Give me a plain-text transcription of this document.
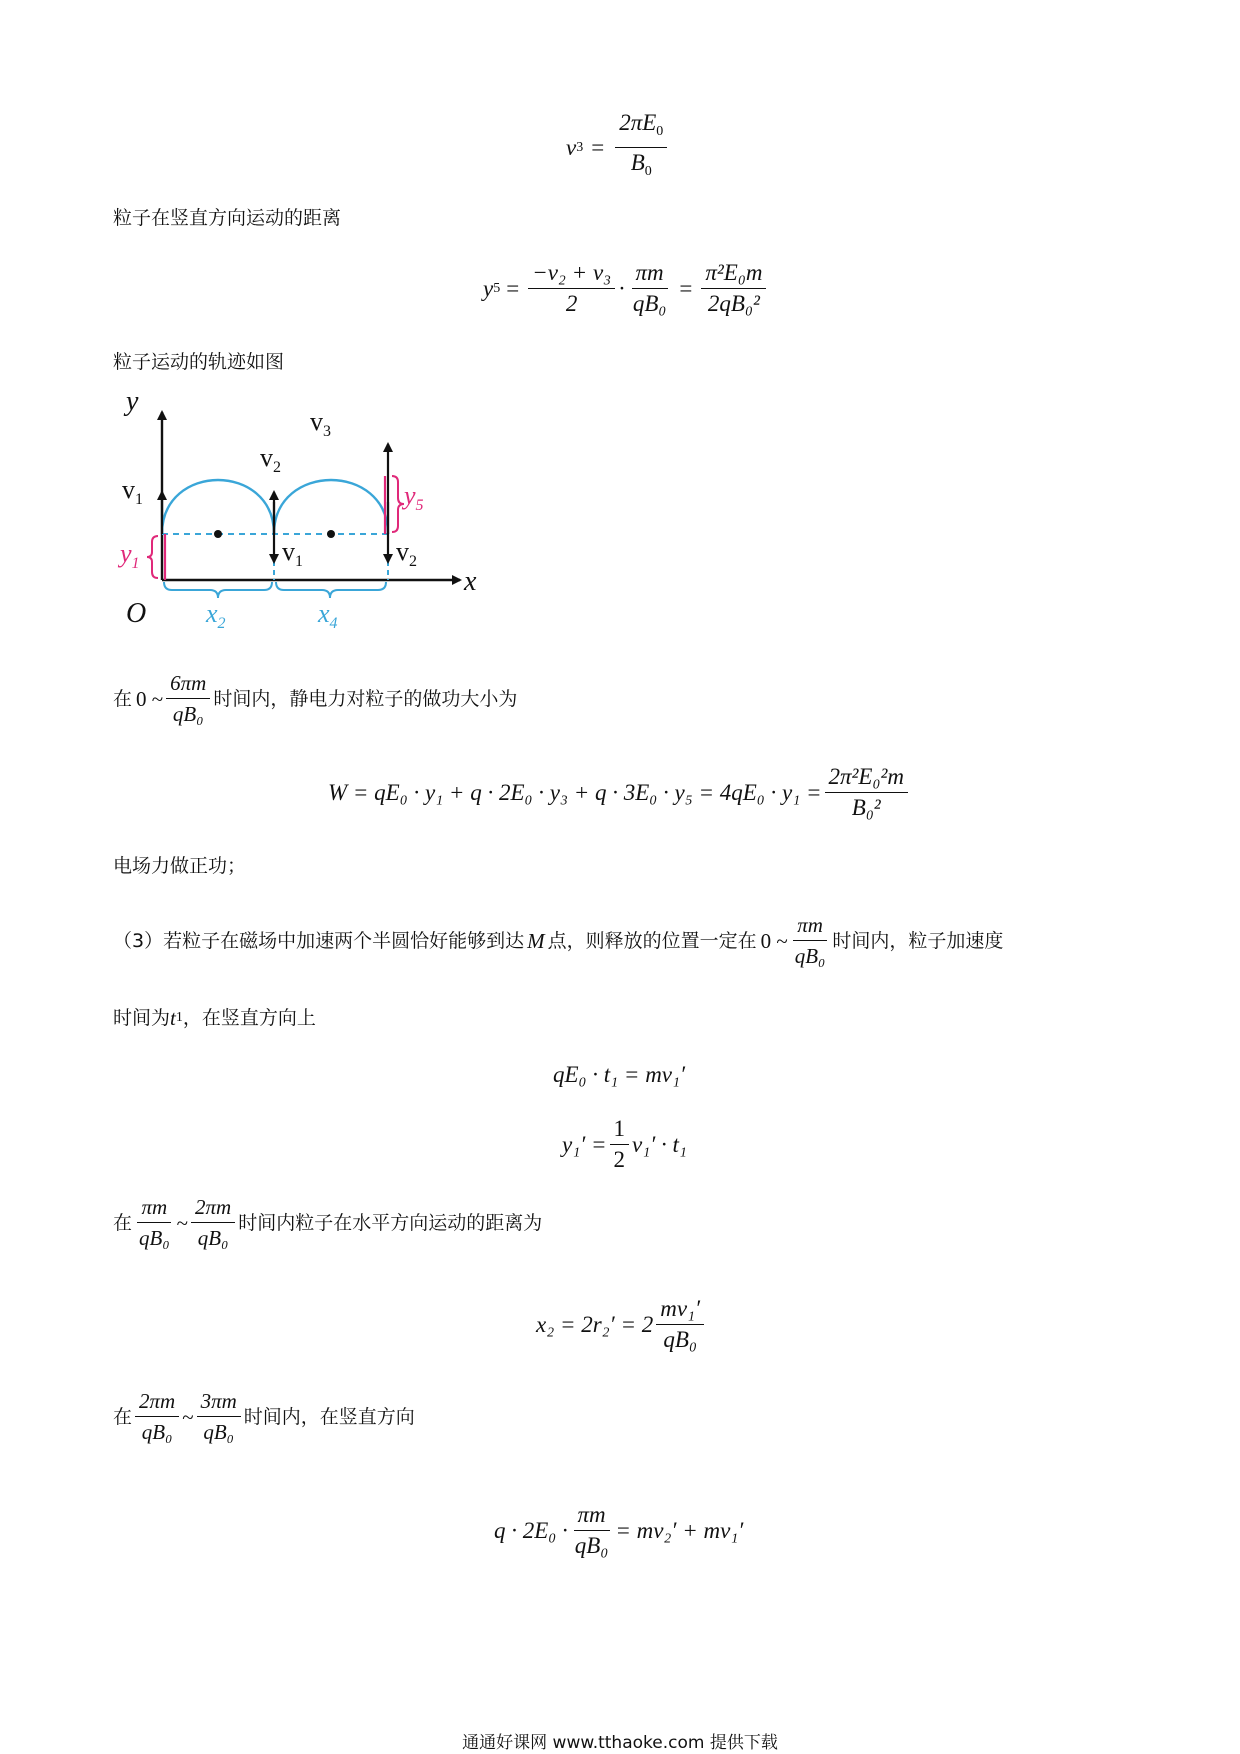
v $3 = \frac{2\pi E_0}{B_0}$
粒子在竖直方向运动的距离
y $5 = \frac{\text{−v₂ + v₃}}{2} \cdot \frac{\pi m}{\text{qB₀}} = \frac{\text{π²E₀m}}{\text{2qB₀²}}$
粒子运动的轨迹如图
y
x
O
$v_1$
$v_2$
$v_3$
$v_1$	$v_2$
$y_1$
$y_5$
$x_2$	$x_4$
在 0 ~ $\frac{6\pi m}{\text{qB₀}}$ 时间内，静电力对粒子的做功大小为
$W = qE_0 \cdot y_1 + q \cdot 2E_0 \cdot y_3 + q \cdot 3E_0 \cdot y_5 = 4qE_0 \cdot y_1 = \frac{\text{2π²E₀²m}}{\text{B₀²}}$
电场力做正功；
（3）若粒子在磁场中加速两个半圆恰好能够到达 M 点，则释放的位置一定在 0 ~ $\frac{\pi m}{\text{qB₀}}$ 时间内，粒子加速度
时间为 t 1 ，在竖直方向上
qE₀ · t₁ = mv₁′
$y_1' = \frac{1}{2} v_1' \cdot t_1$
在 $\frac{\pi m}{\text{qB₀}}$ ~ $\frac{2\pi m}{\text{qB₀}}$ 时间内粒子在水平方向运动的距离为
$x_2 = 2r_2' = 2 \frac{\text{mv₁′}}{\text{qB₀}}$
在 $\frac{2\pi m}{\text{qB₀}}$ ~ $\frac{3\pi m}{\text{qB₀}}$ 时间内，在竖直方向
$q \cdot 2E_0 \cdot \frac{\pi m}{\text{qB₀}} = mv_2' + mv_1'$
通通好课网 www.tthaoke.com 提供下载
